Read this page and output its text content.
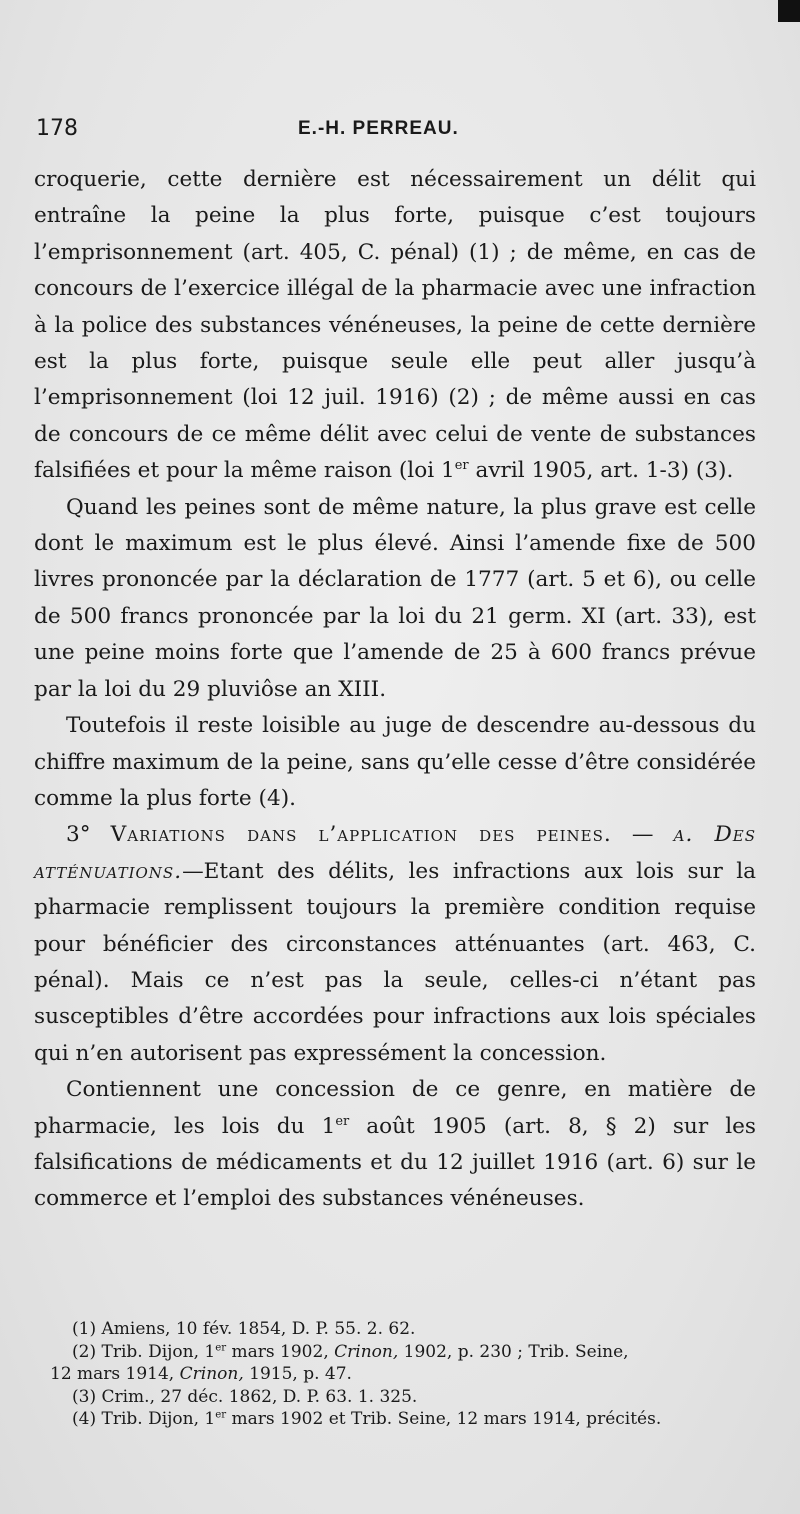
178	E.-H. PERREAU.

croquerie, cette dernière est nécessairement un délit qui entraîne la peine la plus forte, puisque c’est toujours l’emprisonnement (art. 405, C. pénal) (1) ; de même, en cas de concours de l’exercice illégal de la pharmacie avec une infraction à la police des substances vénéneuses, la peine de cette dernière est la plus forte, puisque seule elle peut aller jusqu’à l’emprisonnement (loi 12 juil. 1916) (2) ; de même aussi en cas de concours de ce même délit avec celui de vente de substances falsifiées et pour la même raison (loi 1er avril 1905, art. 1-3) (3).

Quand les peines sont de même nature, la plus grave est celle dont le maximum est le plus élevé. Ainsi l’amende fixe de 500 livres prononcée par la déclaration de 1777 (art. 5 et 6), ou celle de 500 francs prononcée par la loi du 21 germ. XI (art. 33), est une peine moins forte que l’amende de 25 à 600 francs prévue par la loi du 29 pluviôse an XIII.

Toutefois il reste loisible au juge de descendre au-dessous du chiffre maximum de la peine, sans qu’elle cesse d’être considérée comme la plus forte (4).

3° Variations dans l’application des peines. — a. Des atténuations.—Etant des délits, les infractions aux lois sur la pharmacie remplissent toujours la première condition requise pour bénéficier des circonstances atténuantes (art. 463, C. pénal). Mais ce n’est pas la seule, celles-ci n’étant pas susceptibles d’être accordées pour infractions aux lois spéciales qui n’en autorisent pas expressément la concession.

Contiennent une concession de ce genre, en matière de pharmacie, les lois du 1er août 1905 (art. 8, § 2) sur les falsifications de médicaments et du 12 juillet 1916 (art. 6) sur le commerce et l’emploi des substances vénéneuses.

(1) Amiens, 10 fév. 1854, D. P. 55. 2. 62.

(2) Trib. Dijon, 1er mars 1902, Crinon, 1902, p. 230 ; Trib. Seine,

12 mars 1914, Crinon, 1915, p. 47.

(3) Crim., 27 déc. 1862, D. P. 63. 1. 325.

(4) Trib. Dijon, 1er mars 1902 et Trib. Seine, 12 mars 1914, précités.
